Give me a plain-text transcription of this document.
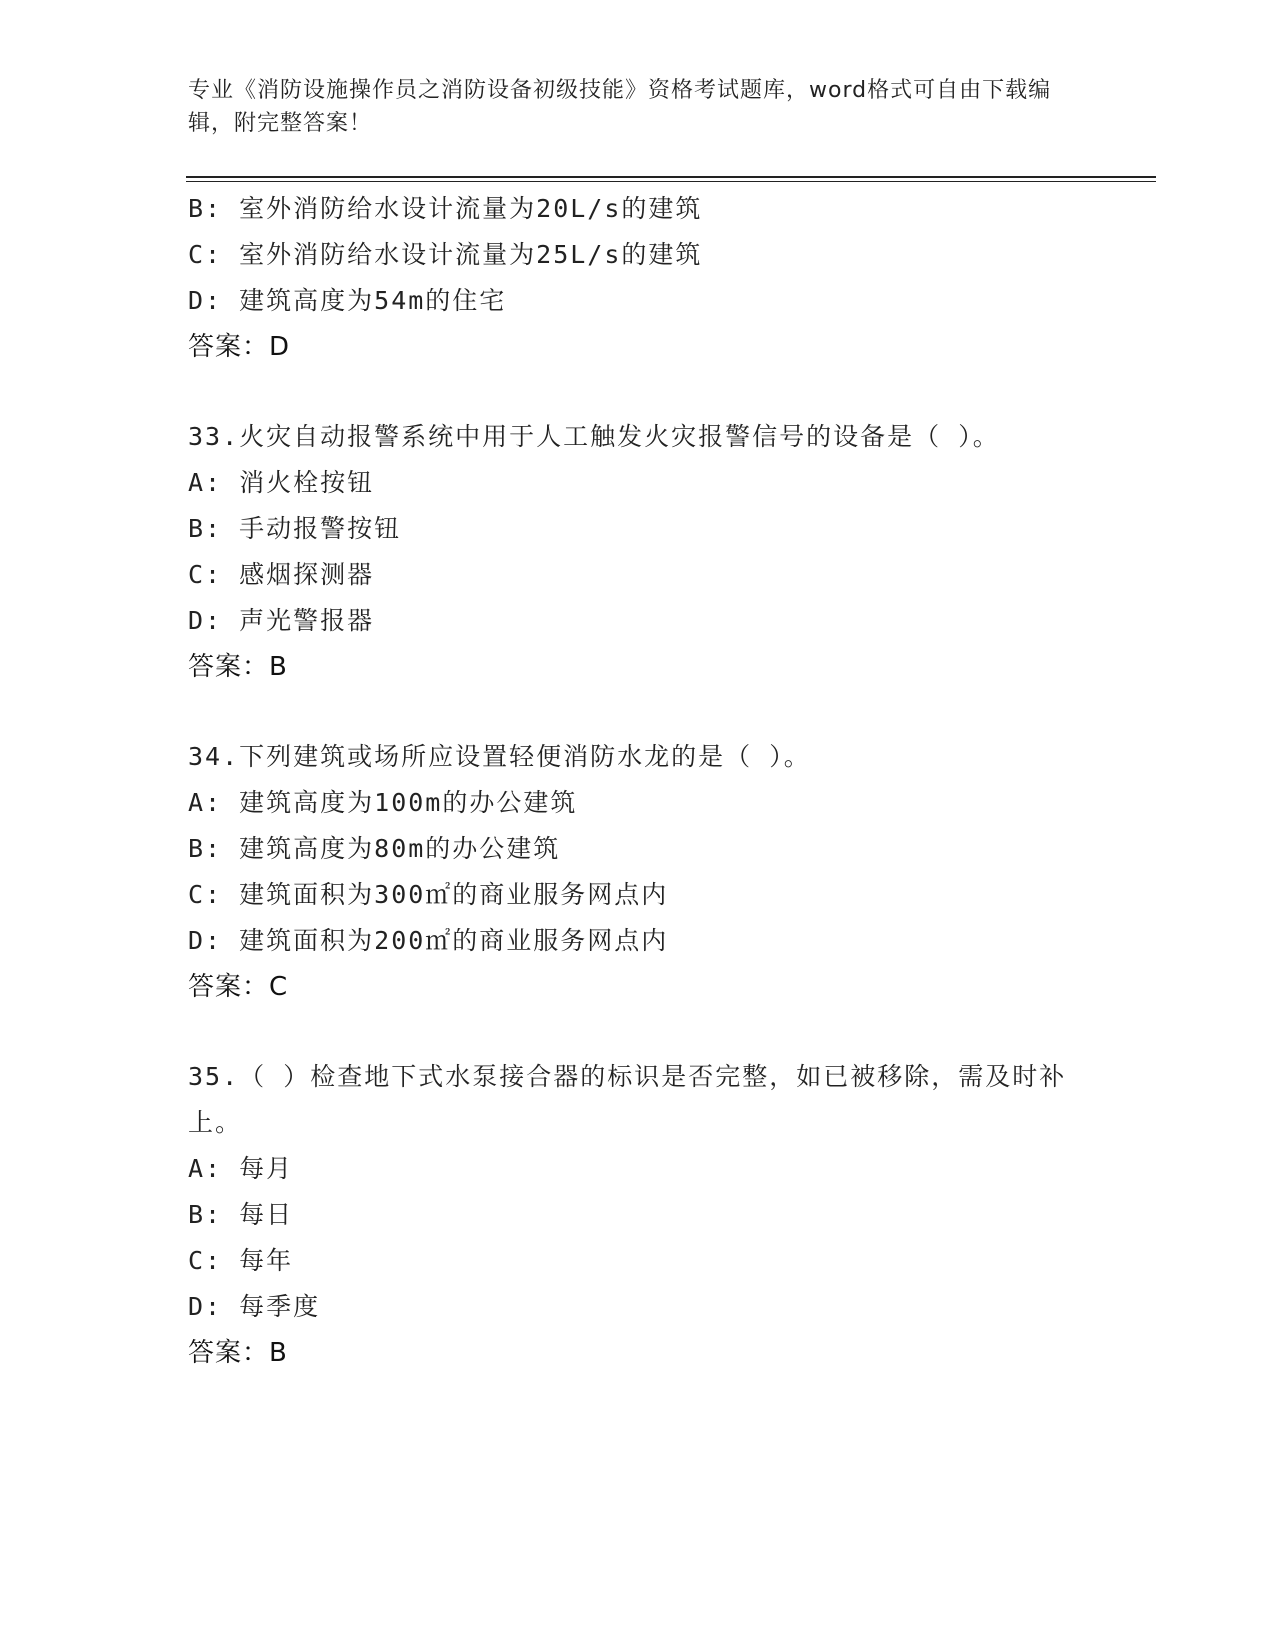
专业《消防设施操作员之消防设备初级技能》资格考试题库，word格式可自由下载编辑，附完整答案！
B: 室外消防给水设计流量为20L/s的建筑
C: 室外消防给水设计流量为25L/s的建筑
D: 建筑高度为54m的住宅
答案：D
33.火灾自动报警系统中用于人工触发火灾报警信号的设备是（ ）。
A: 消火栓按钮
B: 手动报警按钮
C: 感烟探测器
D: 声光警报器
答案：B
34.下列建筑或场所应设置轻便消防水龙的是（ ）。
A: 建筑高度为100m的办公建筑
B: 建筑高度为80m的办公建筑
C: 建筑面积为300㎡的商业服务网点内
D: 建筑面积为200㎡的商业服务网点内
答案：C
35.（ ）检查地下式水泵接合器的标识是否完整，如已被移除，需及时补上。
A: 每月
B: 每日
C: 每年
D: 每季度
答案：B
